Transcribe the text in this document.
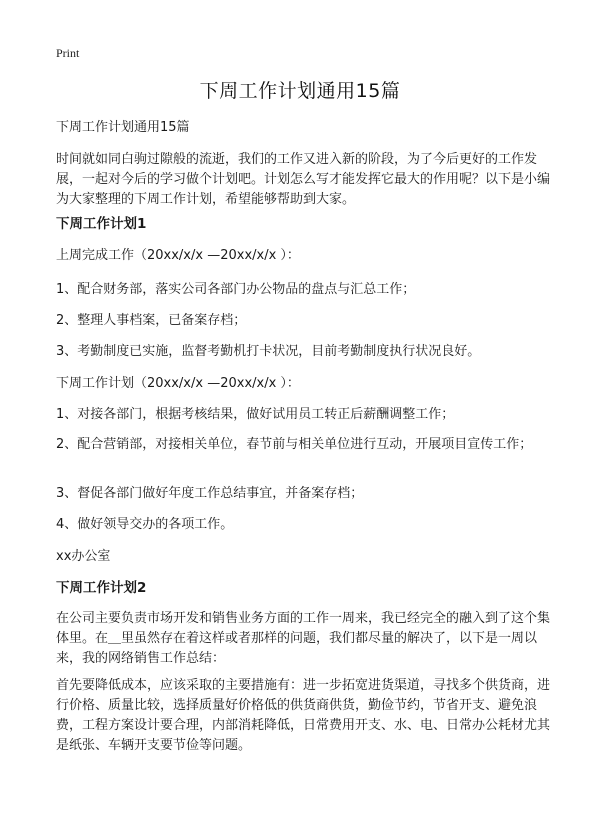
Print
下周工作计划通用15篇

下周工作计划通用15篇

时间就如同白驹过隙般的流逝，我们的工作又进入新的阶段，为了今后更好的工作发展，一起对今后的学习做个计划吧。计划怎么写才能发挥它最大的作用呢？以下是小编为大家整理的下周工作计划，希望能够帮助到大家。

下周工作计划1

上周完成工作（20xx/x/x —20xx/x/x ）：

1、配合财务部，落实公司各部门办公物品的盘点与汇总工作；

2、整理人事档案，已备案存档；

3、考勤制度已实施，监督考勤机打卡状况，目前考勤制度执行状况良好。

下周工作计划（20xx/x/x —20xx/x/x ）：

1、对接各部门，根据考核结果，做好试用员工转正后薪酬调整工作；

2、配合营销部，对接相关单位，春节前与相关单位进行互动，开展项目宣传工作；

3、督促各部门做好年度工作总结事宜，并备案存档；

4、做好领导交办的各项工作。

xx办公室

下周工作计划2

在公司主要负责市场开发和销售业务方面的工作一周来，我已经完全的融入到了这个集体里。在＿里虽然存在着这样或者那样的问题，我们都尽量的解决了，以下是一周以来，我的网络销售工作总结：

首先要降低成本，应该采取的主要措施有：进一步拓宽进货渠道，寻找多个供货商，进行价格、质量比较，选择质量好价格低的供货商供货，勤俭节约，节省开支、避免浪费，工程方案设计要合理，内部消耗降低，日常费用开支、水、电、日常办公耗材尤其是纸张、车辆开支要节俭等问题。
